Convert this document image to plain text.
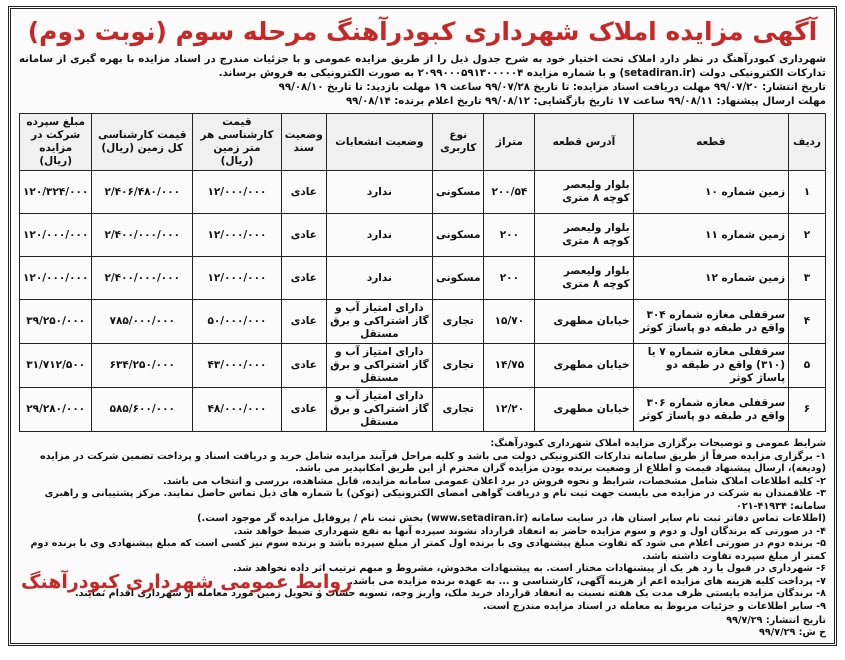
آگهی مزایده املاک شهرداری کبودرآهنگ مرحله سوم (نوبت دوم)

شهرداری کبودرآهنگ در نظر دارد املاک تحت اختیار خود به شرح جدول ذیل را از طریق مزایده عمومی و با جزئیات مندرج در اسناد مزایده با بهره گیری از سامانه تدارکات الکترونیکی دولت (setadiran.ir) و با شماره مزایده ۲۰۹۹۰۰۰۵۹۱۳۰۰۰۰۰۴ به صورت الکترونیکی به فروش برساند.

تاریخ انتشار: ۹۹/۰۷/۲۰ مهلت دریافت اسناد مزایده: تا تاریخ ۹۹/۰۷/۲۸ ساعت ۱۹ مهلت بازدید: تا تاریخ ۹۹/۰۸/۱۰

مهلت ارسال پیشنهاد: ۹۹/۰۸/۱۱ ساعت ۱۷ تاریخ بازگشایی: ۹۹/۰۸/۱۲ تاریخ اعلام برنده: ۹۹/۰۸/۱۴

ردیف	قطعه	آدرس قطعه	متراژ	نوع کاربری	وضعیت انشعابات	وضعیت سند	قیمت کارشناسی هر متر زمین (ریال)	قیمت کارشناسی کل زمین (ریال)	مبلغ سپرده شرکت در مزایده (ریال)
۱	زمین شماره ۱۰	بلوار ولیعصر کوچه ۸ متری	۲۰۰/۵۴	مسکونی	ندارد	عادی	۱۲/۰۰۰/۰۰۰	۲/۴۰۶/۴۸۰/۰۰۰	۱۲۰/۳۲۴/۰۰۰
۲	زمین شماره ۱۱	بلوار ولیعصر کوچه ۸ متری	۲۰۰	مسکونی	ندارد	عادی	۱۲/۰۰۰/۰۰۰	۲/۴۰۰/۰۰۰/۰۰۰	۱۲۰/۰۰۰/۰۰۰
۳	زمین شماره ۱۲	بلوار ولیعصر کوچه ۸ متری	۲۰۰	مسکونی	ندارد	عادی	۱۲/۰۰۰/۰۰۰	۲/۴۰۰/۰۰۰/۰۰۰	۱۲۰/۰۰۰/۰۰۰
۴	سرقفلی مغازه شماره ۳۰۴ واقع در طبقه دو پاساژ کوثر	خیابان مطهری	۱۵/۷۰	تجاری	دارای امتیاز آب و گاز اشتراکی و برق مستقل	عادی	۵۰/۰۰۰/۰۰۰	۷۸۵/۰۰۰/۰۰۰	۳۹/۲۵۰/۰۰۰
۵	سرقفلی مغازه شماره ۷ یا (۳۱۰) واقع در طبقه دو پاساژ کوثر	خیابان مطهری	۱۴/۷۵	تجاری	دارای امتیاز آب و گاز اشتراکی و برق مستقل	عادی	۴۳/۰۰۰/۰۰۰	۶۳۴/۲۵۰/۰۰۰	۳۱/۷۱۲/۵۰۰
۶	سرقفلی مغازه شماره ۳۰۶ واقع در طبقه دو پاساژ کوثر	خیابان مطهری	۱۲/۲۰	تجاری	دارای امتیاز آب و گاز اشتراکی و برق مستقل	عادی	۴۸/۰۰۰/۰۰۰	۵۸۵/۶۰۰/۰۰۰	۲۹/۲۸۰/۰۰۰

شرایط عمومی و توضیحات برگزاری مزایده املاک شهرداری کبودرآهنگ:

۱- برگزاری مزایده صرفاً از طریق سامانه تدارکات الکترونیکی دولت می باشد و کلیه مراحل فرآیند مزایده شامل خرید و دریافت اسناد و پرداخت تضمین شرکت در مزایده (ودیعه)، ارسال پیشنهاد قیمت و اطلاع از وضعیت برنده بودن مزایده گران محترم از این طریق امکانپذیر می باشد.

۲- کلیه اطلاعات املاک شامل مشخصات، شرایط و نحوه فروش در برد اعلان عمومی سامانه مزایده، قابل مشاهده، بررسی و انتخاب می باشد.

۳- علاقمندان به شرکت در مزایده می بایست جهت ثبت نام و دریافت گواهی امضای الکترونیکی (توکن) با شماره های ذیل تماس حاصل نمایند. مرکز پشتیبانی و راهبری سامانه: ۴۱۹۳۴-۰۲۱

(اطلاعات تماس دفاتر ثبت نام سایر استان ها، در سایت سامانه (www.setadiran.ir) بخش ثبت نام / پروفایل مزایده گر موجود است.)

۴- در صورتی که برندگان اول و دوم و سوم مزایده حاضر به انعقاد قرارداد نشوند سپرده آنها به نفع شهرداری ضبط خواهد شد.

۵- برنده دوم در صورتی اعلام می شود که تفاوت مبلغ پیشنهادی وی با برنده اول کمتر از مبلغ سپرده باشد و برنده سوم نیز کسی است که مبلغ پیشنهادی وی با برنده دوم کمتر از مبلغ سپرده تفاوت داشته باشد.

۶- شهرداری در قبول یا رد هر یک از پیشنهادات مختار است. به پیشنهادات مخدوش، مشروط و مبهم ترتیب اثر داده نخواهد شد.

۷- پرداخت کلیه هزینه های مزایده اعم از هزینه آگهی، کارشناسی و ... به عهده برنده مزایده می باشد.

۸- برندگان مزایده بایستی ظرف مدت یک هفته نسبت به انعقاد قرارداد خرید ملک، واریز وجه، تسویه حساب و تحویل زمین مورد معامله از شهرداری اقدام نمایند.

۹- سایر اطلاعات و جزئیات مربوط به معامله در اسناد مزایده مندرج است.

تاریخ انتشار: ۹۹/۷/۲۹
خ ش: ۹۹/۷/۲۹
روابط عمومی شهرداری کبودرآهنگ
